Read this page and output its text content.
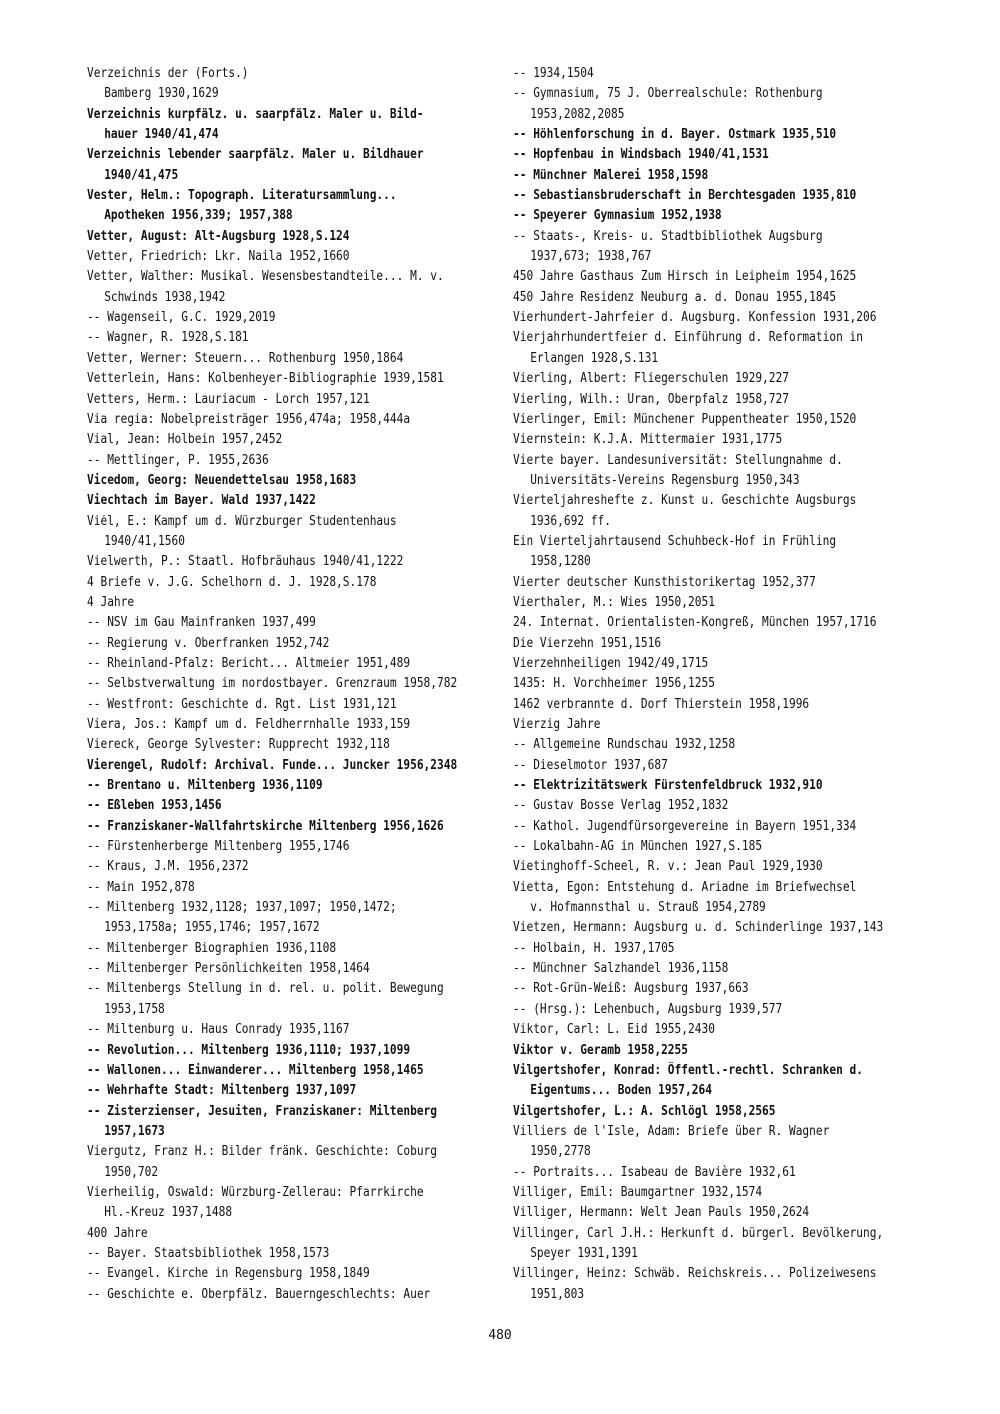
Verzeichnis der (Forts.)
Bamberg 1930,1629
Verzeichnis kurpfälz. u. saarpfälz. Maler u. Bild-
hauer 1940/41,474
Verzeichnis lebender saarpfälz. Maler u. Bildhauer
1940/41,475
Vester, Helm.: Topograph. Literatursammlung...
Apotheken 1956,339; 1957,388
Vetter, August: Alt-Augsburg 1928,S.124
Vetter, Friedrich: Lkr. Naila 1952,1660
Vetter, Walther: Musikal. Wesensbestandteile... M. v.
Schwinds 1938,1942
-- Wagenseil, G.C. 1929,2019
-- Wagner, R. 1928,S.181
Vetter, Werner: Steuern... Rothenburg 1950,1864
Vetterlein, Hans: Kolbenheyer-Bibliographie 1939,1581
Vetters, Herm.: Lauriacum - Lorch 1957,121
Via regia: Nobelpreisträger 1956,474a; 1958,444a
Vial, Jean: Holbein 1957,2452
-- Mettlinger, P. 1955,2636
Vicedom, Georg: Neuendettelsau 1958,1683
Viechtach im Bayer. Wald 1937,1422
Viėl, E.: Kampf um d. Würzburger Studentenhaus
1940/41,1560
Vielwerth, P.: Staatl. Hofbräuhaus 1940/41,1222
4 Briefe v. J.G. Schelhorn d. J. 1928,S.178
4 Jahre
-- NSV im Gau Mainfranken 1937,499
-- Regierung v. Oberfranken 1952,742
-- Rheinland-Pfalz: Bericht... Altmeier 1951,489
-- Selbstverwaltung im nordostbayer. Grenzraum 1958,782
-- Westfront: Geschichte d. Rgt. List 1931,121
Viera, Jos.: Kampf um d. Feldherrnhalle 1933,159
Viereck, George Sylvester: Rupprecht 1932,118
Vierengel, Rudolf: Archival. Funde... Juncker 1956,2348
-- Brentano u. Miltenberg 1936,1109
-- Eßleben 1953,1456
-- Franziskaner-Wallfahrtskirche Miltenberg 1956,1626
-- Fürstenherberge Miltenberg 1955,1746
-- Kraus, J.M. 1956,2372
-- Main 1952,878
-- Miltenberg 1932,1128; 1937,1097; 1950,1472;
1953,1758a; 1955,1746; 1957,1672
-- Miltenberger Biographien 1936,1108
-- Miltenberger Persönlichkeiten 1958,1464
-- Miltenbergs Stellung in d. rel. u. polit. Bewegung
1953,1758
-- Miltenburg u. Haus Conrady 1935,1167
-- Revolution... Miltenberg 1936,1110; 1937,1099
-- Wallonen... Einwanderer... Miltenberg 1958,1465
-- Wehrhafte Stadt: Miltenberg 1937,1097
-- Zisterzienser, Jesuiten, Franziskaner: Miltenberg
1957,1673
Viergutz, Franz H.: Bilder fränk. Geschichte: Coburg
1950,702
Vierheilig, Oswald: Würzburg-Zellerau: Pfarrkirche
Hl.-Kreuz 1937,1488
400 Jahre
-- Bayer. Staatsbibliothek 1958,1573
-- Evangel. Kirche in Regensburg 1958,1849
-- Geschichte e. Oberpfälz. Bauerngeschlechts: Auer
-- 1934,1504
-- Gymnasium, 75 J. Oberrealschule: Rothenburg
1953,2082,2085
-- Höhlenforschung in d. Bayer. Ostmark 1935,510
-- Hopfenbau in Windsbach 1940/41,1531
-- Münchner Malerei 1958,1598
-- Sebastiansbruderschaft in Berchtesgaden 1935,810
-- Speyerer Gymnasium 1952,1938
-- Staats-, Kreis- u. Stadtbibliothek Augsburg
1937,673; 1938,767
450 Jahre Gasthaus Zum Hirsch in Leipheim 1954,1625
450 Jahre Residenz Neuburg a. d. Donau 1955,1845
Vierhundert-Jahrfeier d. Augsburg. Konfession 1931,206
Vierjahrhundertfeier d. Einführung d. Reformation in
Erlangen 1928,S.131
Vierling, Albert: Fliegerschulen 1929,227
Vierling, Wilh.: Uran, Oberpfalz 1958,727
Vierlinger, Emil: Münchener Puppentheater 1950,1520
Viernstein: K.J.A. Mittermaier 1931,1775
Vierte bayer. Landesuniversität: Stellungnahme d.
Universitäts-Vereins Regensburg 1950,343
Vierteljahreshefte z. Kunst u. Geschichte Augsburgs
1936,692 ff.
Ein Vierteljahrtausend Schuhbeck-Hof in Frühling
1958,1280
Vierter deutscher Kunsthistorikertag 1952,377
Vierthaler, M.: Wies 1950,2051
24. Internat. Orientalisten-Kongreß, München 1957,1716
Die Vierzehn 1951,1516
Vierzehnheiligen 1942/49,1715
1435: H. Vorchheimer 1956,1255
1462 verbrannte d. Dorf Thierstein 1958,1996
Vierzig Jahre
-- Allgemeine Rundschau 1932,1258
-- Dieselmotor 1937,687
-- Elektrizitätswerk Fürstenfeldbruck 1932,910
-- Gustav Bosse Verlag 1952,1832
-- Kathol. Jugendfürsorgevereine in Bayern 1951,334
-- Lokalbahn-AG in München 1927,S.185
Vietinghoff-Scheel, R. v.: Jean Paul 1929,1930
Vietta, Egon: Entstehung d. Ariadne im Briefwechsel
v. Hofmannsthal u. Strauß 1954,2789
Vietzen, Hermann: Augsburg u. d. Schinderlinge 1937,143
-- Holbain, H. 1937,1705
-- Münchner Salzhandel 1936,1158
-- Rot-Grün-Weiß: Augsburg 1937,663
-- (Hrsg.): Lehenbuch, Augsburg 1939,577
Viktor, Carl: L. Eid 1955,2430
Viktor v. Geramb 1958,2255
Vilgertshofer, Konrad: Öffentl.-rechtl. Schranken d.
Eigentums... Boden 1957,264
Vilgertshofer, L.: A. Schlögl 1958,2565
Villiers de l'Isle, Adam: Briefe über R. Wagner
1950,2778
-- Portraits... Isabeau de Bavière 1932,61
Villiger, Emil: Baumgartner 1932,1574
Villiger, Hermann: Welt Jean Pauls 1950,2624
Villinger, Carl J.H.: Herkunft d. bürgerl. Bevölkerung,
Speyer 1931,1391
Villinger, Heinz: Schwäb. Reichskreis... Polizeiwesens
1951,803
480
